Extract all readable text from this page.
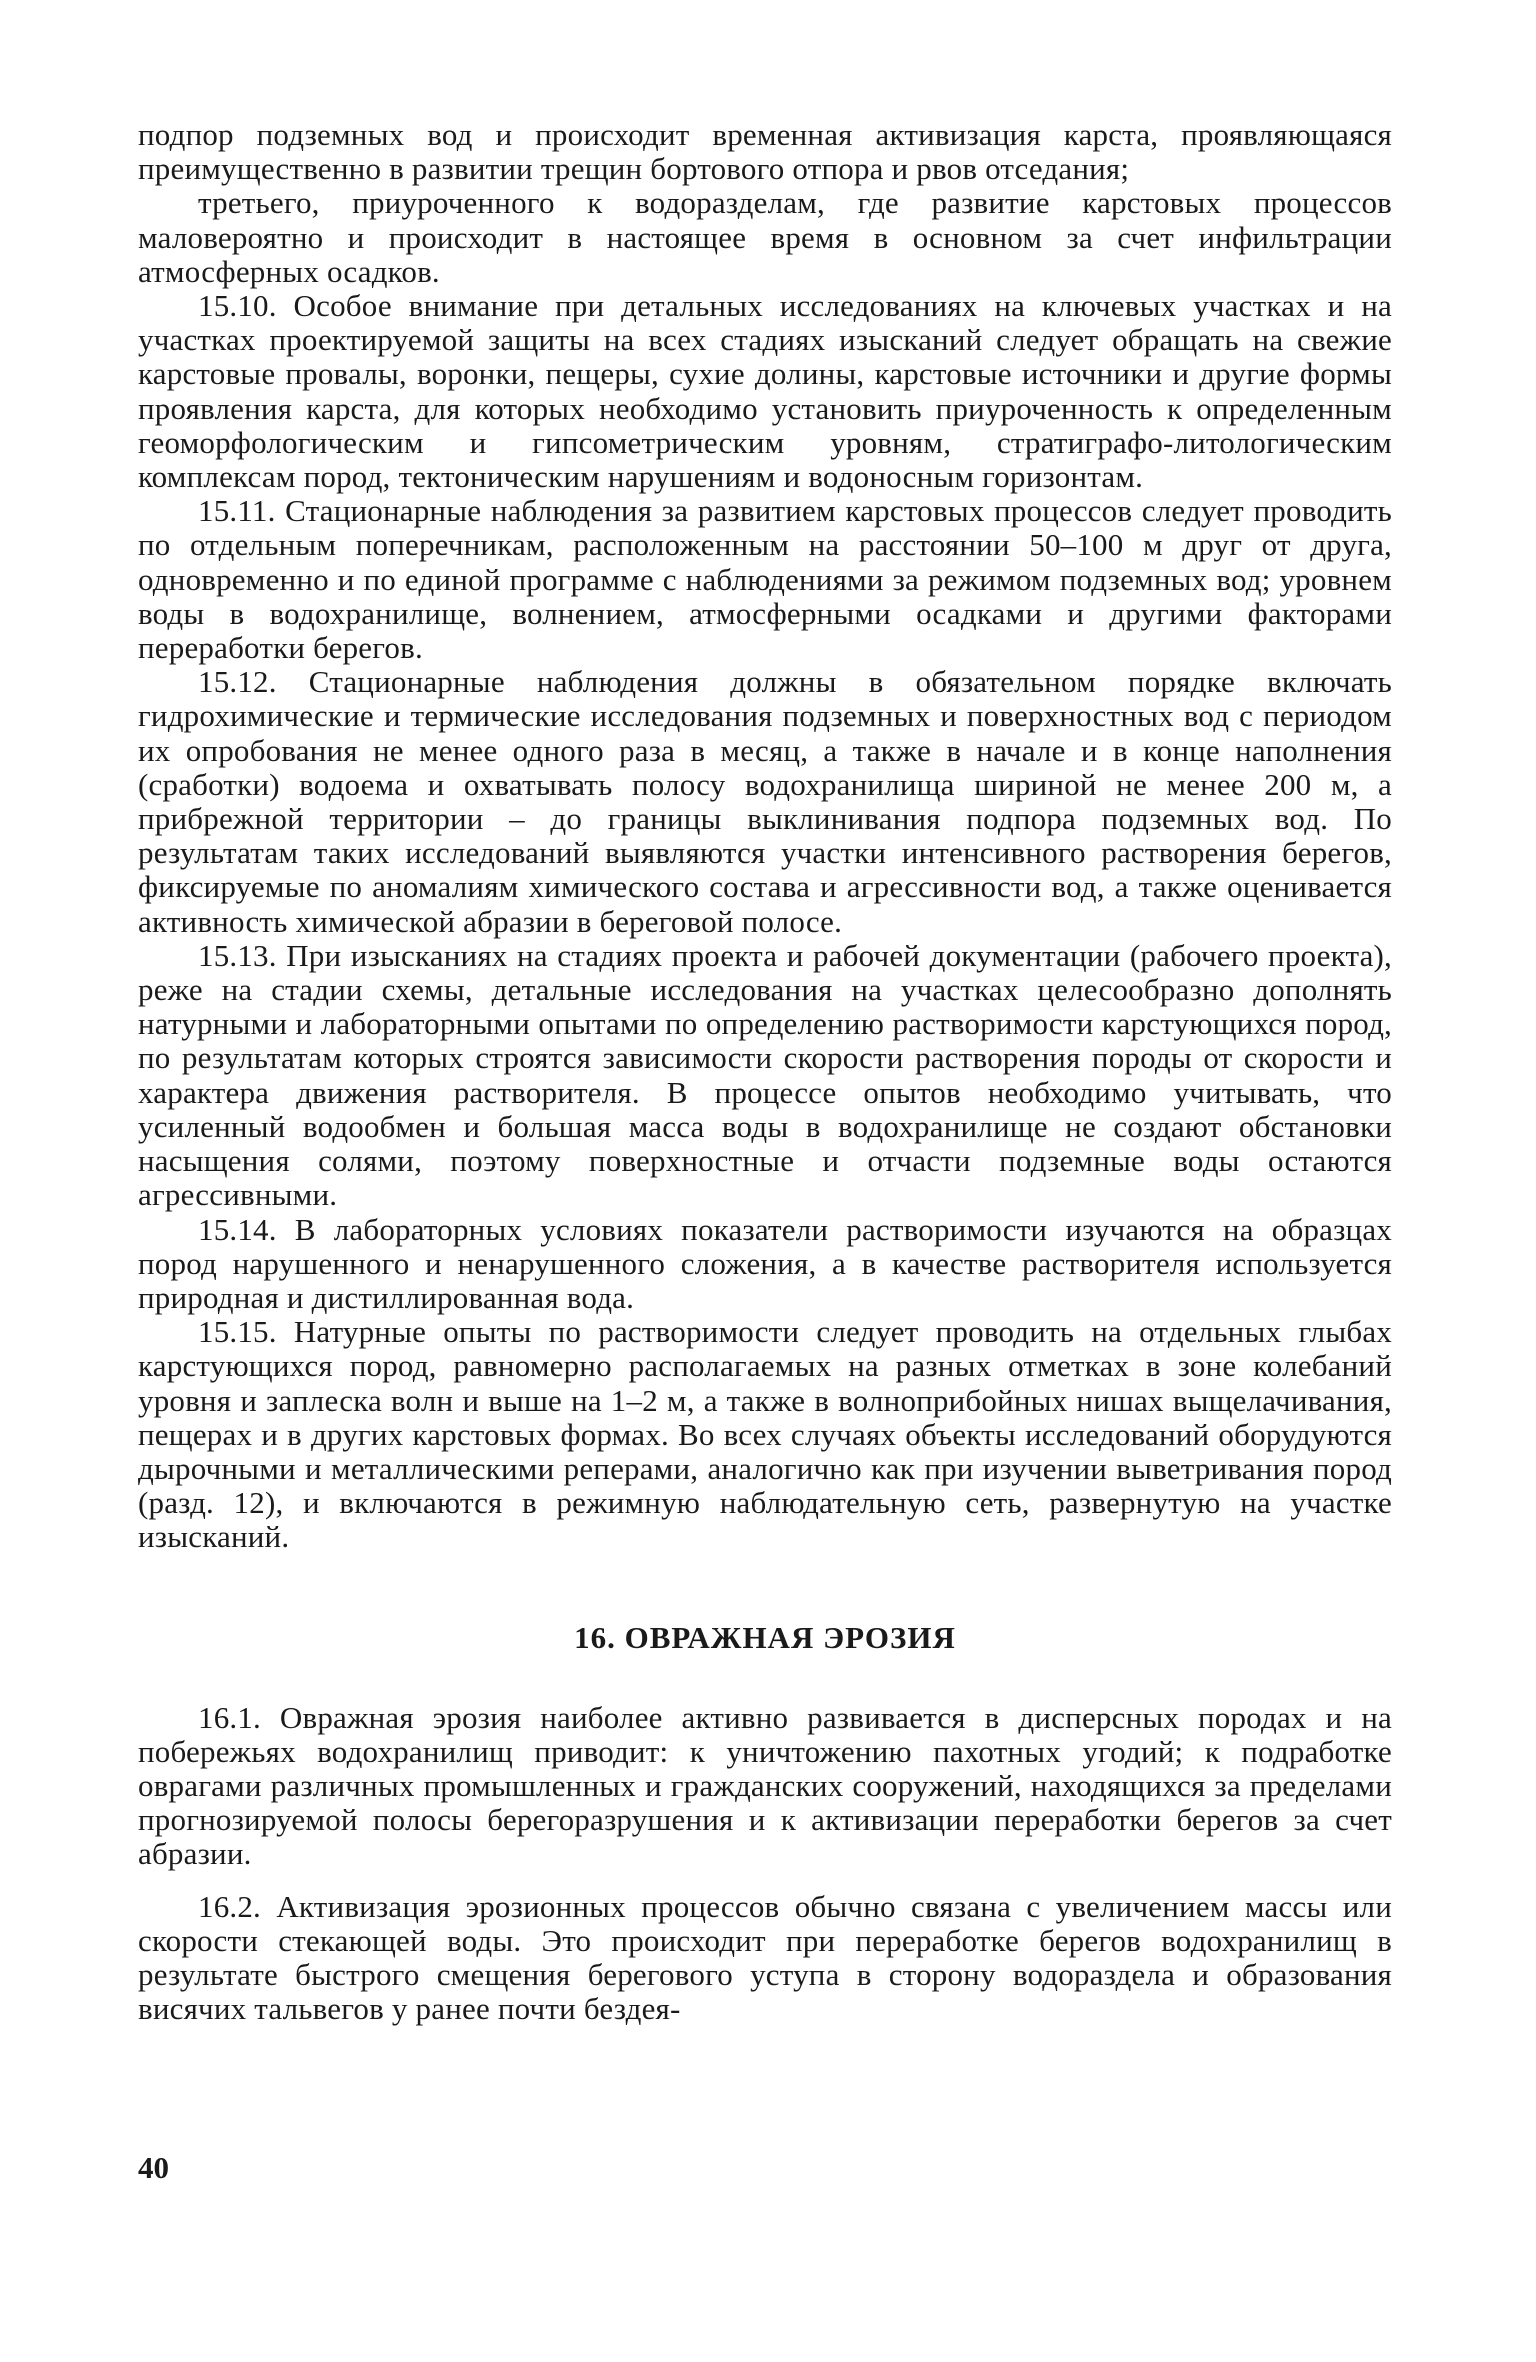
подпор подземных вод и происходит временная активизация карста, проявляющаяся преимущественно в развитии трещин бортового отпора и рвов отседания;

третьего, приуроченного к водоразделам, где развитие карстовых процессов маловероятно и происходит в настоящее время в основном за счет инфильтрации атмосферных осадков.

15.10. Особое внимание при детальных исследованиях на ключевых участках и на участках проектируемой защиты на всех стадиях изысканий следует обращать на свежие карстовые провалы, воронки, пещеры, сухие долины, карстовые источники и другие формы проявления карста, для которых необходимо установить приуроченность к определенным геоморфологическим и гипсометрическим уровням, стратиграфо-литологическим комплексам пород, тектоническим нарушениям и водоносным горизонтам.

15.11. Стационарные наблюдения за развитием карстовых процессов следует проводить по отдельным поперечникам, расположенным на расстоянии 50–100 м друг от друга, одновременно и по единой программе с наблюдениями за режимом подземных вод; уровнем воды в водохранилище, волнением, атмосферными осадками и другими факторами переработки берегов.

15.12. Стационарные наблюдения должны в обязательном порядке включать гидрохимические и термические исследования подземных и поверхностных вод с периодом их опробования не менее одного раза в месяц, а также в начале и в конце наполнения (сработки) водоема и охватывать полосу водохранилища шириной не менее 200 м, а прибрежной территории – до границы выклинивания подпора подземных вод. По результатам таких исследований выявляются участки интенсивного растворения берегов, фиксируемые по аномалиям химического состава и агрессивности вод, а также оценивается активность химической абразии в береговой полосе.

15.13. При изысканиях на стадиях проекта и рабочей документации (рабочего проекта), реже на стадии схемы, детальные исследования на участках целесообразно дополнять натурными и лабораторными опытами по определению растворимости карстующихся пород, по результатам которых строятся зависимости скорости растворения породы от скорости и характера движения растворителя. В процессе опытов необходимо учитывать, что усиленный водообмен и большая масса воды в водохранилище не создают обстановки насыщения солями, поэтому поверхностные и отчасти подземные воды остаются агрессивными.

15.14. В лабораторных условиях показатели растворимости изучаются на образцах пород нарушенного и ненарушенного сложения, а в качестве растворителя используется природная и дистиллированная вода.

15.15. Натурные опыты по растворимости следует проводить на отдельных глыбах карстующихся пород, равномерно располагаемых на разных отметках в зоне колебаний уровня и заплеска волн и выше на 1–2 м, а также в волноприбойных нишах выщелачивания, пещерах и в других карстовых формах. Во всех случаях объекты исследований оборудуются дырочными и металлическими реперами, аналогично как при изучении выветривания пород (разд. 12), и включаются в режимную наблюдательную сеть, развернутую на участке изысканий.

16. ОВРАЖНАЯ ЭРОЗИЯ

16.1. Овражная эрозия наиболее активно развивается в дисперсных породах и на побережьях водохранилищ приводит: к уничтожению пахотных угодий; к подработке оврагами различных промышленных и гражданских сооружений, находящихся за пределами прогнозируемой полосы берегоразрушения и к активизации переработки берегов за счет абразии.

16.2. Активизация эрозионных процессов обычно связана с увеличением массы или скорости стекающей воды. Это происходит при переработке берегов водохранилищ в результате быстрого смещения берегового уступа в сторону водораздела и образования висячих тальвегов у ранее почти бездея-

40
